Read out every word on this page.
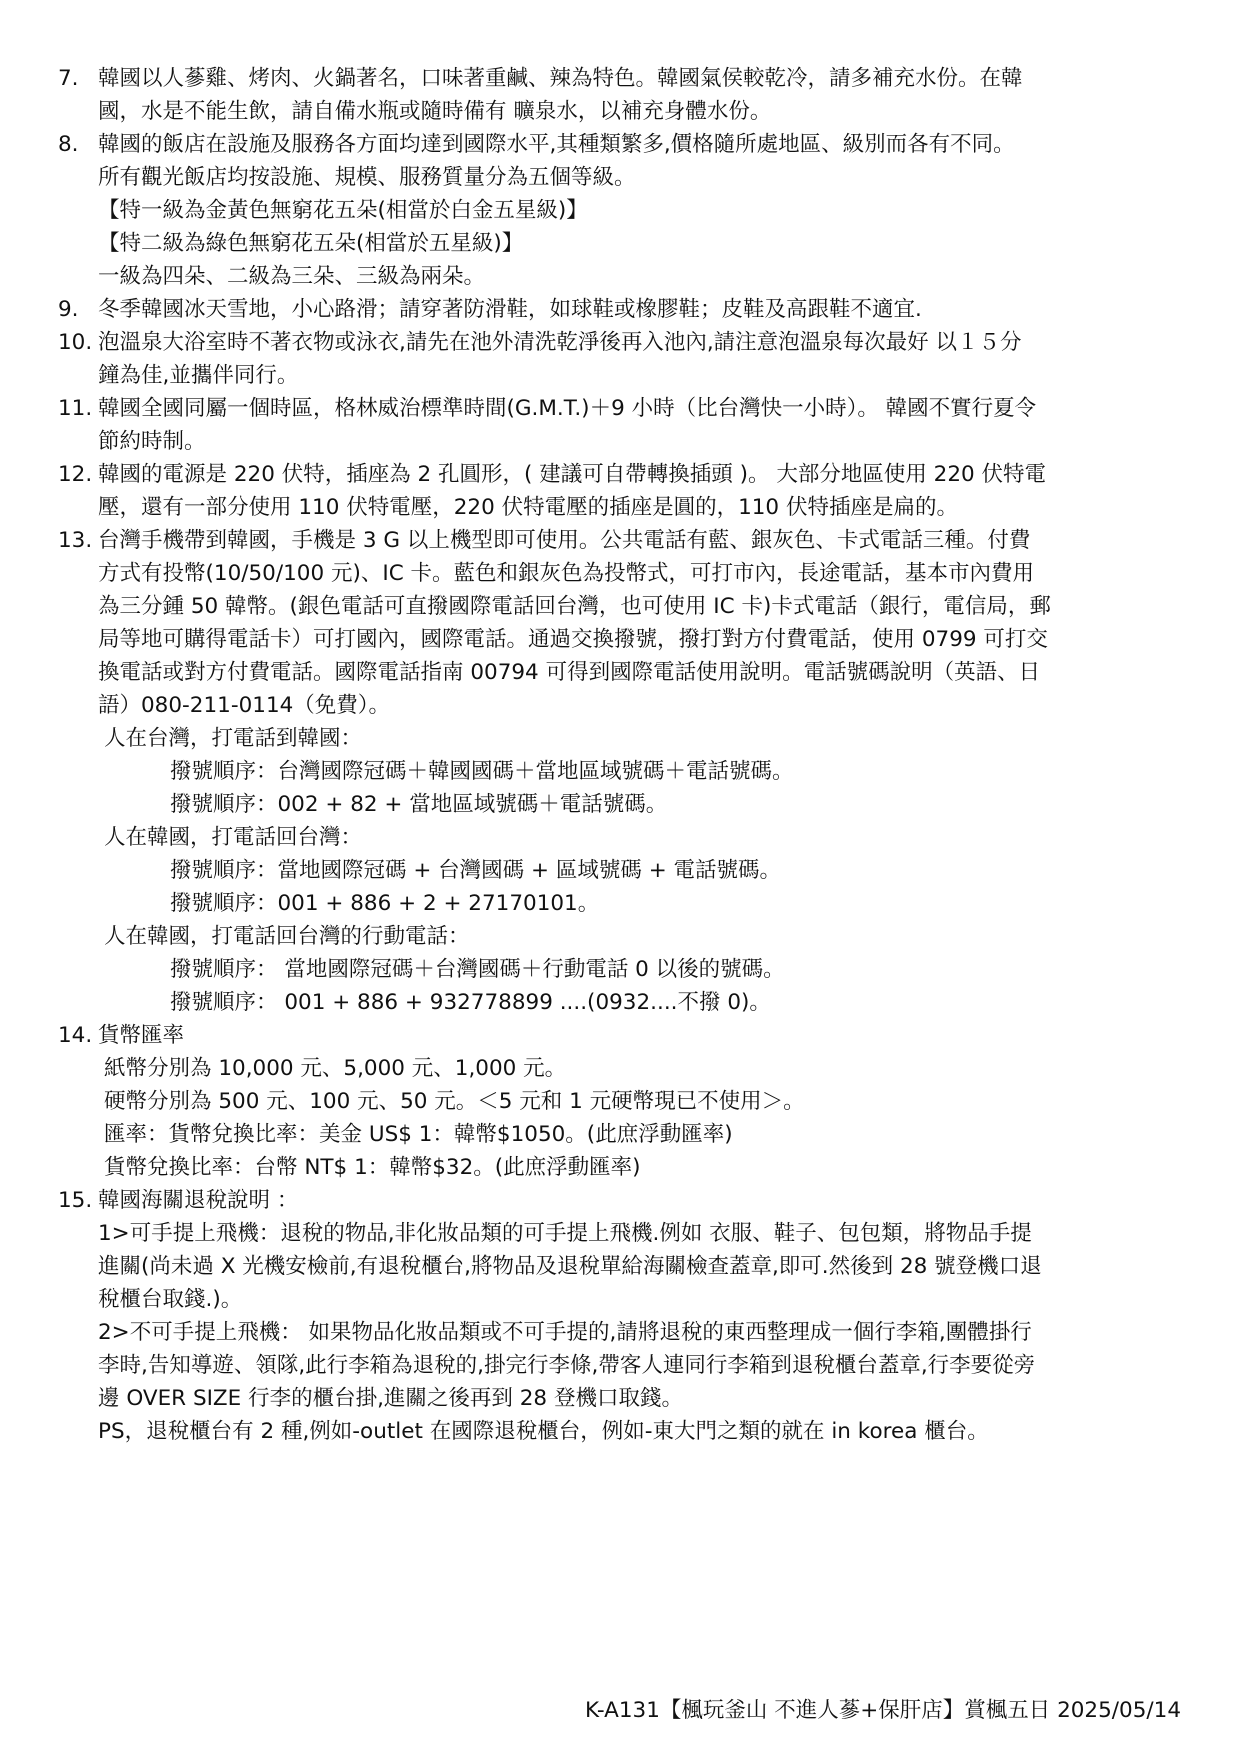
7. 韓國以人蔘雞、烤肉、火鍋著名，口味著重鹹、辣為特色。韓國氣侯較乾冷，請多補充水份。在韓
國，水是不能生飲，請自備水瓶或隨時備有 曠泉水，以補充身體水份。
8. 韓國的飯店在設施及服務各方面均達到國際水平,其種類繁多,價格隨所處地區、級別而各有不同。
所有觀光飯店均按設施、規模、服務質量分為五個等級。
【特一級為金黃色無窮花五朵(相當於白金五星級)】
【特二級為綠色無窮花五朵(相當於五星級)】
一級為四朵、二級為三朵、三級為兩朵。
9. 冬季韓國冰天雪地，小心路滑；請穿著防滑鞋，如球鞋或橡膠鞋；皮鞋及高跟鞋不適宜.
10. 泡溫泉大浴室時不著衣物或泳衣,請先在池外清洗乾淨後再入池內,請注意泡溫泉每次最好 以１５分
鐘為佳,並攜伴同行。
11. 韓國全國同屬一個時區，格林威治標準時間(G.M.T.)＋9 小時（比台灣快一小時）。 韓國不實行夏令
節約時制。
12. 韓國的電源是 220 伏特，插座為 2 孔圓形，( 建議可自帶轉換插頭 )。 大部分地區使用 220 伏特電
壓，還有一部分使用 110 伏特電壓，220 伏特電壓的插座是圓的，110 伏特插座是扁的。
13. 台灣手機帶到韓國，手機是 3 G 以上機型即可使用。公共電話有藍、銀灰色、卡式電話三種。付費
方式有投幣(10/50/100 元)、IC 卡。藍色和銀灰色為投幣式，可打市內，長途電話，基本市內費用
為三分鍾 50 韓幣。(銀色電話可直撥國際電話回台灣，也可使用 IC 卡)卡式電話（銀行，電信局，郵
局等地可購得電話卡）可打國內，國際電話。通過交換撥號，撥打對方付費電話，使用 0799 可打交
換電話或對方付費電話。國際電話指南 00794 可得到國際電話使用說明。電話號碼說明（英語、日
語）080-211-0114（免費）。
人在台灣，打電話到韓國：
撥號順序：台灣國際冠碼＋韓國國碼＋當地區域號碼＋電話號碼。
撥號順序：002 + 82 + 當地區域號碼＋電話號碼。
人在韓國，打電話回台灣：
撥號順序：當地國際冠碼 + 台灣國碼 + 區域號碼 + 電話號碼。
撥號順序：001 + 886 + 2 + 27170101。
人在韓國，打電話回台灣的行動電話：
撥號順序： 當地國際冠碼＋台灣國碼＋行動電話 0 以後的號碼。
撥號順序： 001 + 886 + 932778899 ....(0932....不撥 0)。
14. 貨幣匯率
紙幣分別為 10,000 元、5,000 元、1,000 元。
硬幣分別為 500 元、100 元、50 元。＜5 元和 1 元硬幣現已不使用＞。
匯率：貨幣兌換比率：美金 US$ 1：韓幣$1050。(此庶浮動匯率)
貨幣兌換比率：台幣 NT$ 1：韓幣$32。(此庶浮動匯率)
15. 韓國海關退稅說明 ：
1>可手提上飛機：退稅的物品,非化妝品類的可手提上飛機.例如 衣服、鞋子、包包類，將物品手提
進關(尚未過 X 光機安檢前,有退稅櫃台,將物品及退稅單給海關檢查蓋章,即可.然後到 28 號登機口退
稅櫃台取錢.)。
2>不可手提上飛機： 如果物品化妝品類或不可手提的,請將退稅的東西整理成一個行李箱,團體掛行
李時,告知導遊、領隊,此行李箱為退稅的,掛完行李條,帶客人連同行李箱到退稅櫃台蓋章,行李要從旁
邊 OVER SIZE 行李的櫃台掛,進關之後再到 28 登機口取錢。
PS，退稅櫃台有 2 種,例如-outlet 在國際退稅櫃台，例如-東大門之類的就在 in korea 櫃台。
K-A131【楓玩釜山 不進人蔘+保肝店】賞楓五日 2025/05/14
